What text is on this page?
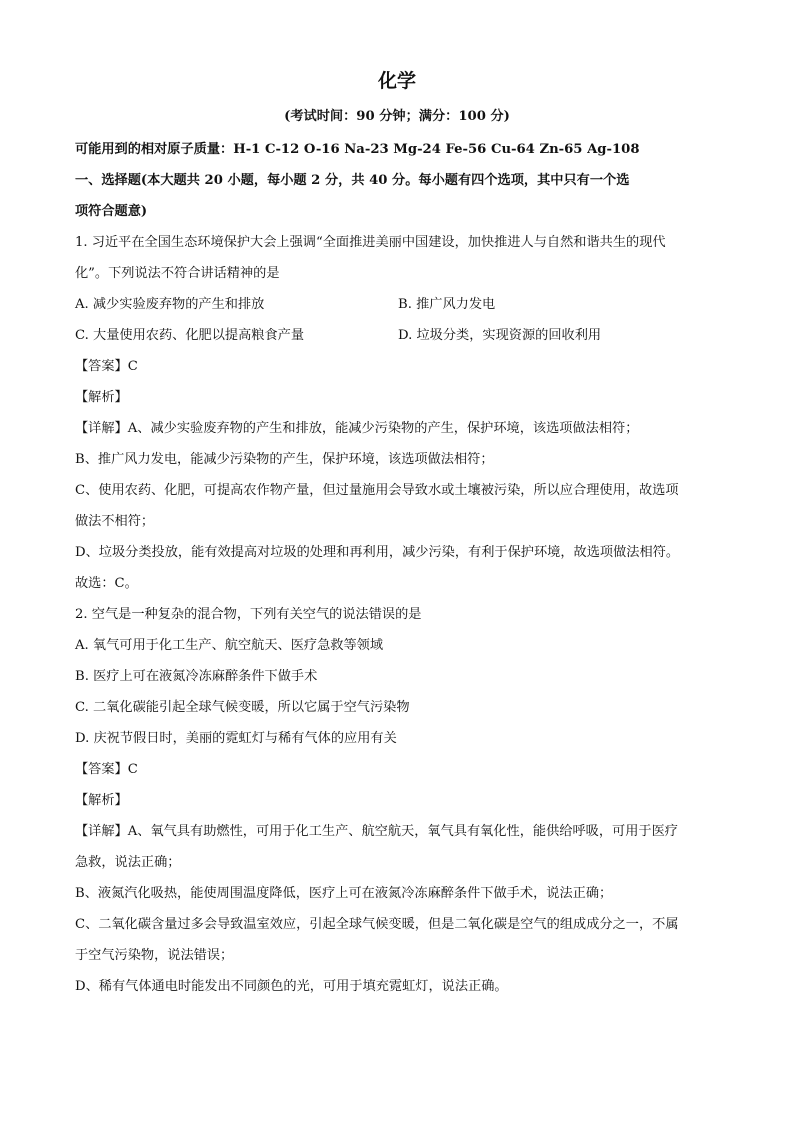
化学
(考试时间：90 分钟；满分：100 分)
可能用到的相对原子质量：H-1 C-12 O-16 Na-23 Mg-24 Fe-56 Cu-64 Zn-65 Ag-108
一、选择题(本大题共 20 小题，每小题 2 分，共 40 分。每小题有四个选项，其中只有一个选
项符合题意)
1. 习近平在全国生态环境保护大会上强调“全面推进美丽中国建设，加快推进人与自然和谐共生的现代
化”。下列说法不符合讲话精神的是
A. 减少实验废弃物的产生和排放	B. 推广风力发电
C. 大量使用农药、化肥以提高粮食产量	D. 垃圾分类，实现资源的回收利用
【答案】C
【解析】
【详解】A、减少实验废弃物的产生和排放，能减少污染物的产生，保护环境，该选项做法相符；
B、推广风力发电，能减少污染物的产生，保护环境，该选项做法相符；
C、使用农药、化肥，可提高农作物产量，但过量施用会导致水或土壤被污染，所以应合理使用，故选项
做法不相符；
D、垃圾分类投放，能有效提高对垃圾的处理和再利用，减少污染，有利于保护环境，故选项做法相符。
故选：C。
2. 空气是一种复杂的混合物，下列有关空气的说法错误的是
A. 氧气可用于化工生产、航空航天、医疗急救等领域
B. 医疗上可在液氮冷冻麻醉条件下做手术
C. 二氧化碳能引起全球气候变暖，所以它属于空气污染物
D. 庆祝节假日时，美丽的霓虹灯与稀有气体的应用有关
【答案】C
【解析】
【详解】A、氧气具有助燃性，可用于化工生产、航空航天，氧气具有氧化性，能供给呼吸，可用于医疗
急救，说法正确；
B、液氮汽化吸热，能使周围温度降低，医疗上可在液氮冷冻麻醉条件下做手术，说法正确；
C、二氧化碳含量过多会导致温室效应，引起全球气候变暖，但是二氧化碳是空气的组成成分之一，不属
于空气污染物，说法错误；
D、稀有气体通电时能发出不同颜色的光，可用于填充霓虹灯，说法正确。
